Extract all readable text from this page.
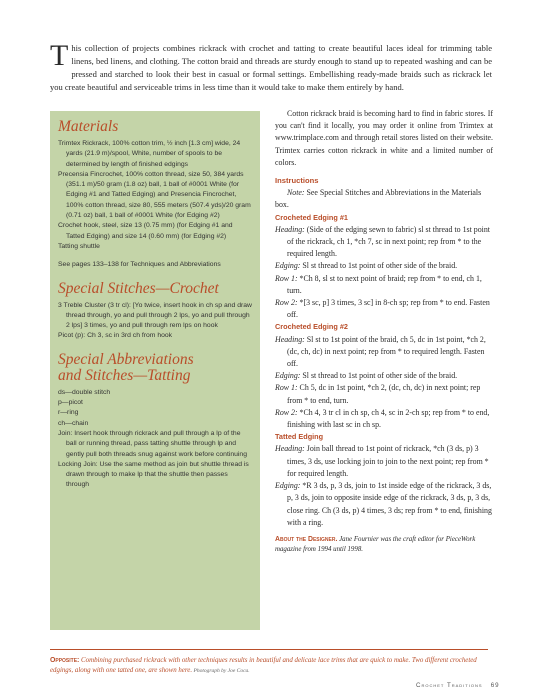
This collection of projects combines rickrack with crochet and tatting to create beautiful laces ideal for trimming table linens, bed linens, and clothing. The cotton braid and threads are sturdy enough to stand up to repeated washing and can be pressed and starched to look their best in casual or formal settings. Embellishing ready-made braids such as rickrack let you create beautiful and serviceable trims in less time than it would take to make them entirely by hand.
Materials

Trimtex Rickrack, 100% cotton trim, ½ inch [1.3 cm] wide, 24 yards (21.9 m)/spool, White, number of spools to be determined by length of finished edgings

Precensia Fincrochet, 100% cotton thread, size 50, 384 yards (351.1 m)/50 gram (1.8 oz) ball, 1 ball of #0001 White (for Edging #1 and Tatted Edging) and Presencia Fincrochet, 100% cotton thread, size 80, 555 meters (507.4 yds)/20 gram (0.71 oz) ball, 1 ball of #0001 White (for Edging #2)

Crochet hook, steel, size 13 (0.75 mm) (for Edging #1 and Tatted Edging) and size 14 (0.60 mm) (for Edging #2)

Tatting shuttle

See pages 133–138 for Techniques and Abbreviations

Special Stitches—Crochet

3 Treble Cluster (3 tr cl): [Yo twice, insert hook in ch sp and draw thread through, yo and pull through 2 lps, yo and pull through 2 lps] 3 times, yo and pull through rem lps on hook

Picot (p): Ch 3, sc in 3rd ch from hook

Special Abbreviations
and Stitches—Tatting

ds—double stitch

p—picot

r—ring

ch—chain

Join: Insert hook through rickrack and pull through a lp of the ball or running thread, pass tatting shuttle through lp and gently pull both threads snug against work before continuing

Locking Join: Use the same method as join but shuttle thread is drawn through to make lp that the shuttle then passes through

Cotton rickrack braid is becoming hard to find in fabric stores. If you can't find it locally, you may order it online from Trimtex at www.trimplace.com and through retail stores listed on their website. Trimtex carries cotton rickrack in white and a limited number of colors.

Instructions

Note: See Special Stitches and Abbreviations in the Materials box.

Crocheted Edging #1

Heading: (Side of the edging sewn to fabric) sl st thread to 1st point of the rickrack, ch 1, *ch 7, sc in next point; rep from * to the required length.

Edging: Sl st thread to 1st point of other side of the braid.

Row 1: *Ch 8, sl st to next point of braid; rep from * to end, ch 1, turn.

Row 2: *[3 sc, p] 3 times, 3 sc] in 8-ch sp; rep from * to end. Fasten off.

Crocheted Edging #2

Heading: Sl st to 1st point of the braid, ch 5, dc in 1st point, *ch 2, (dc, ch, dc) in next point; rep from * to required length. Fasten off.

Edging: Sl st thread to 1st point of other side of the braid.

Row 1: Ch 5, dc in 1st point, *ch 2, (dc, ch, dc) in next point; rep from * to end, turn.

Row 2: *Ch 4, 3 tr cl in ch sp, ch 4, sc in 2-ch sp; rep from * to end, finishing with last sc in ch sp.

Tatted Edging

Heading: Join ball thread to 1st point of rickrack, *ch (3 ds, p) 3 times, 3 ds, use locking join to join to the next point; rep from * for required length.

Edging: *R 3 ds, p, 3 ds, join to 1st inside edge of the rickrack, 3 ds, p, 3 ds, join to opposite inside edge of the rickrack, 3 ds, p, 3 ds, close ring. Ch (3 ds, p) 4 times, 3 ds; rep from * to end, finishing with a ring.

About the Designer. Jane Fournier was the craft editor for PieceWork magazine from 1994 until 1998.

Opposite: Combining purchased rickrack with other techniques results in beautiful and delicate lace trims that are quick to make. Two different crocheted edgings, along with one tatted one, are shown here. Photograph by Joe Coca.
Crochet Traditions 69
